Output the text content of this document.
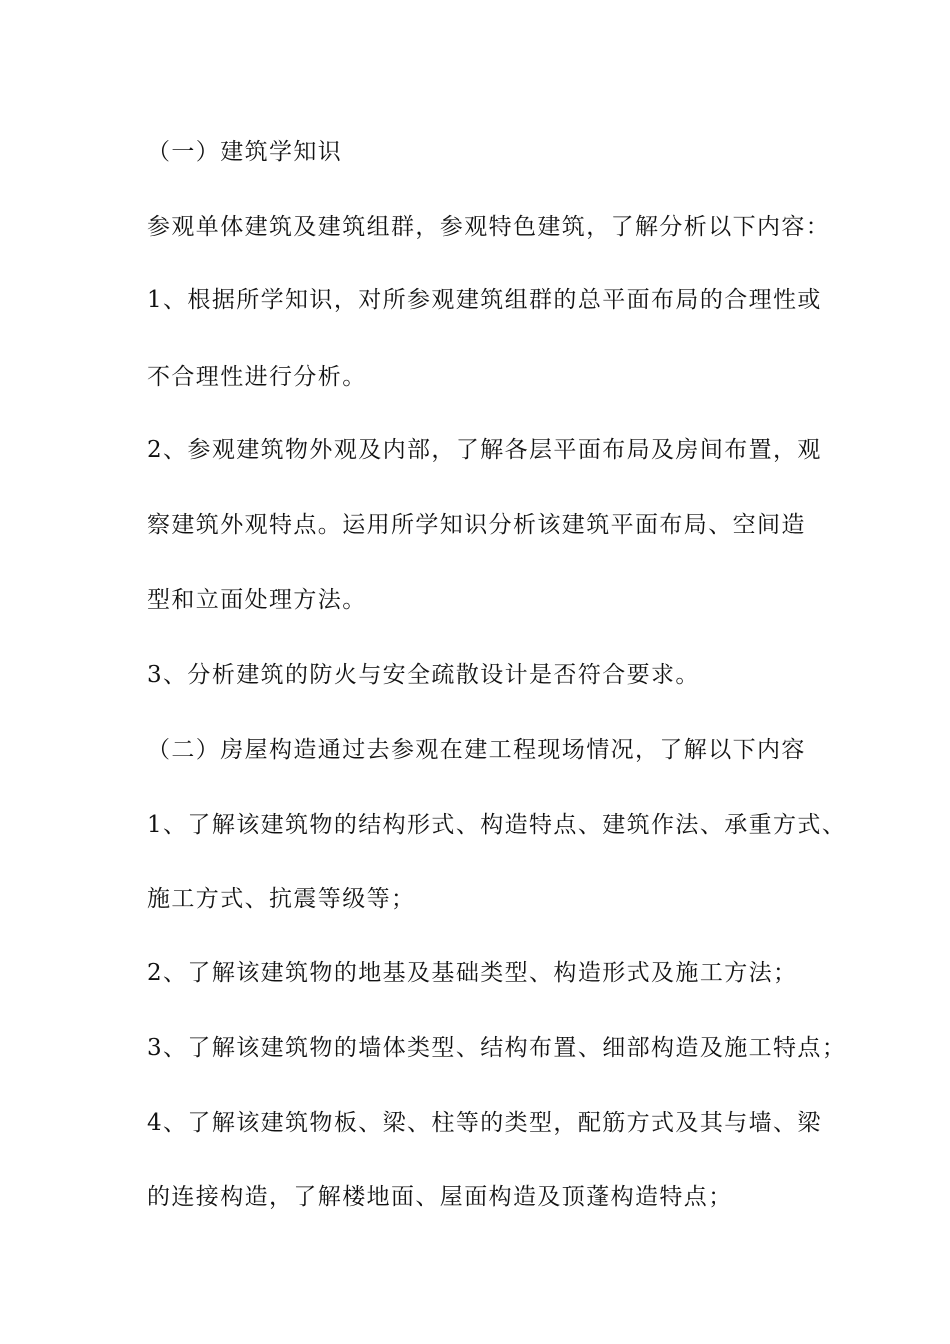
（一）建筑学知识
参观单体建筑及建筑组群，参观特色建筑，了解分析以下内容：
1、根据所学知识，对所参观建筑组群的总平面布局的合理性或
不合理性进行分析。
2、参观建筑物外观及内部，了解各层平面布局及房间布置，观
察建筑外观特点。运用所学知识分析该建筑平面布局、空间造
型和立面处理方法。
3、分析建筑的防火与安全疏散设计是否符合要求。
（二）房屋构造通过去参观在建工程现场情况，了解以下内容
1、了解该建筑物的结构形式、构造特点、建筑作法、承重方式、
施工方式、抗震等级等；
2、了解该建筑物的地基及基础类型、构造形式及施工方法；
3、了解该建筑物的墙体类型、结构布置、细部构造及施工特点；
4、了解该建筑物板、梁、柱等的类型，配筋方式及其与墙、梁
的连接构造，了解楼地面、屋面构造及顶蓬构造特点；
